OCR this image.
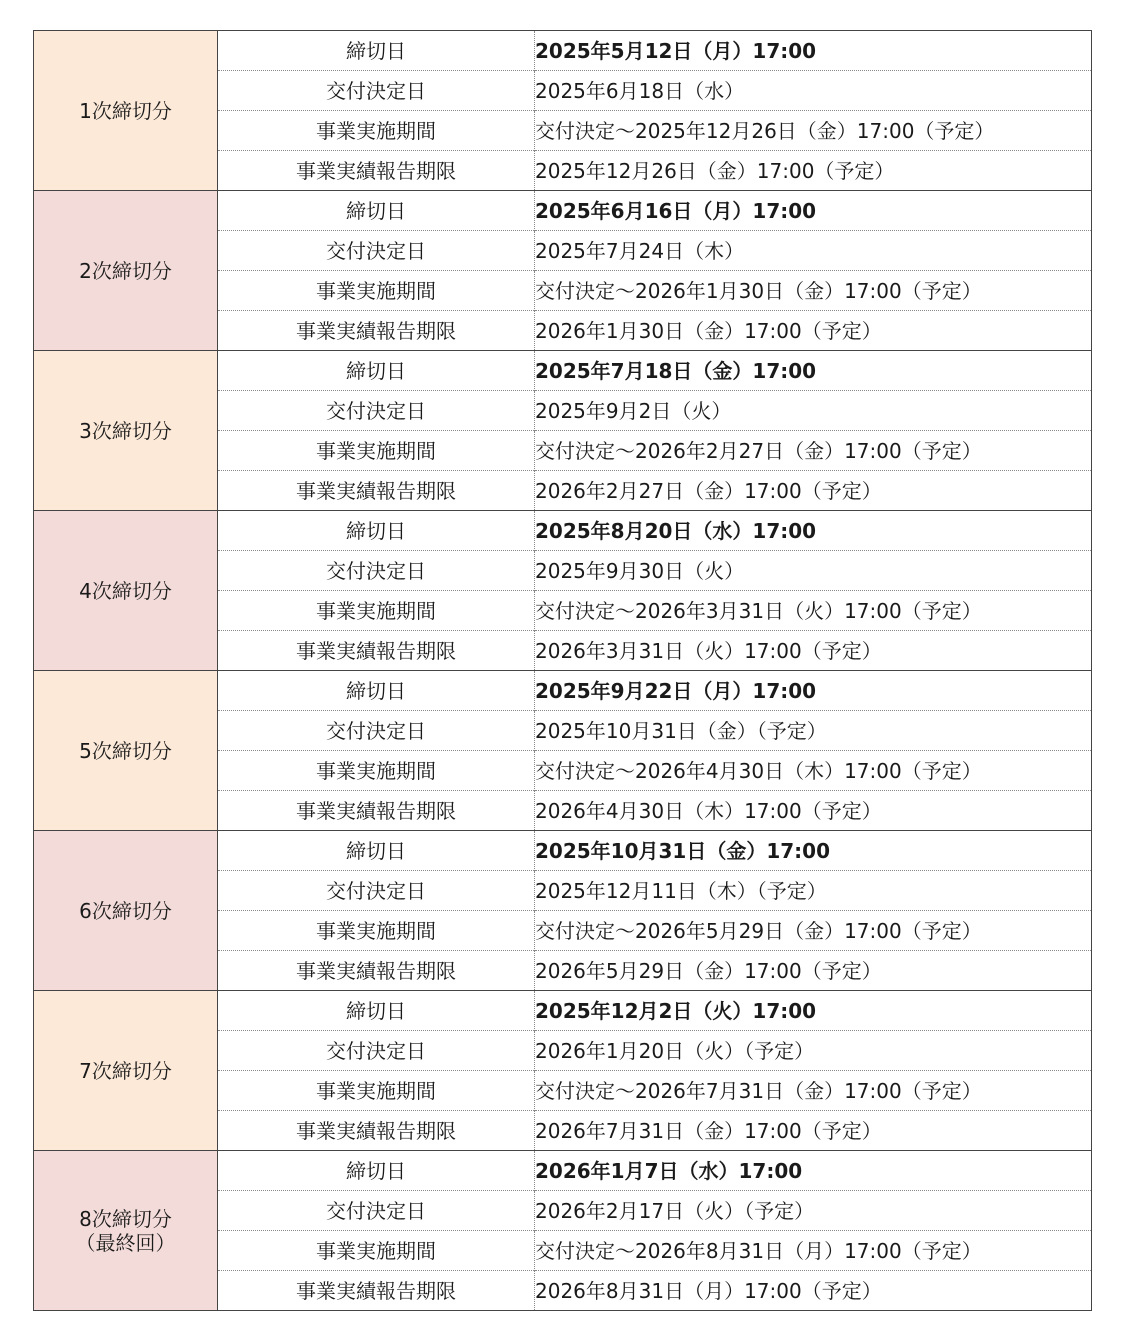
1次締切分	締切日	2025年5月12日（月）17:00
	交付決定日	2025年6月18日（水）
	事業実施期間	交付決定～2025年12月26日（金）17:00（予定）
	事業実績報告期限	2025年12月26日（金）17:00（予定）
2次締切分	締切日	2025年6月16日（月）17:00
	交付決定日	2025年7月24日（木）
	事業実施期間	交付決定～2026年1月30日（金）17:00（予定）
	事業実績報告期限	2026年1月30日（金）17:00（予定）
3次締切分	締切日	2025年7月18日（金）17:00
	交付決定日	2025年9月2日（火）
	事業実施期間	交付決定～2026年2月27日（金）17:00（予定）
	事業実績報告期限	2026年2月27日（金）17:00（予定）
4次締切分	締切日	2025年8月20日（水）17:00
	交付決定日	2025年9月30日（火）
	事業実施期間	交付決定～2026年3月31日（火）17:00（予定）
	事業実績報告期限	2026年3月31日（火）17:00（予定）
5次締切分	締切日	2025年9月22日（月）17:00
	交付決定日	2025年10月31日（金）（予定）
	事業実施期間	交付決定～2026年4月30日（木）17:00（予定）
	事業実績報告期限	2026年4月30日（木）17:00（予定）
6次締切分	締切日	2025年10月31日（金）17:00
	交付決定日	2025年12月11日（木）（予定）
	事業実施期間	交付決定～2026年5月29日（金）17:00（予定）
	事業実績報告期限	2026年5月29日（金）17:00（予定）
7次締切分	締切日	2025年12月2日（火）17:00
	交付決定日	2026年1月20日（火）（予定）
	事業実施期間	交付決定～2026年7月31日（金）17:00（予定）
	事業実績報告期限	2026年7月31日（金）17:00（予定）
8次締切分
（最終回）	締切日	2026年1月7日（水）17:00
	交付決定日	2026年2月17日（火）（予定）
	事業実施期間	交付決定～2026年8月31日（月）17:00（予定）
	事業実績報告期限	2026年8月31日（月）17:00（予定）
